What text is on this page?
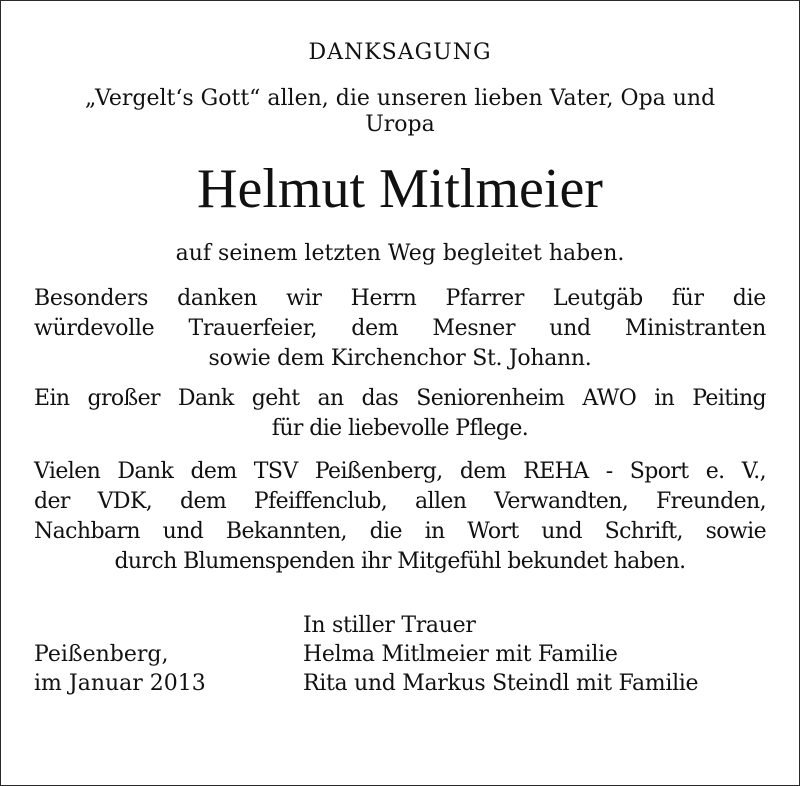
DANKSAGUNG
„Vergelt‘s Gott“ allen, die unseren lieben Vater, Opa und
Uropa
Helmut Mitlmeier
auf seinem letzten Weg begleitet haben.
Besonders danken wir Herrn Pfarrer Leutgäb für die
würdevolle Trauerfeier, dem Mesner und Ministranten
sowie dem Kirchenchor St. Johann.
Ein großer Dank geht an das Seniorenheim AWO in Peiting
für die liebevolle Pflege.
Vielen Dank dem TSV Peißenberg, dem REHA - Sport e. V.,
der VDK, dem Pfeiffenclub, allen Verwandten, Freunden,
Nachbarn und Bekannten, die in Wort und Schrift, sowie
durch Blumenspenden ihr Mitgefühl bekundet haben.
Peißenberg,
im Januar 2013
In stiller Trauer
Helma Mitlmeier mit Familie
Rita und Markus Steindl mit Familie
